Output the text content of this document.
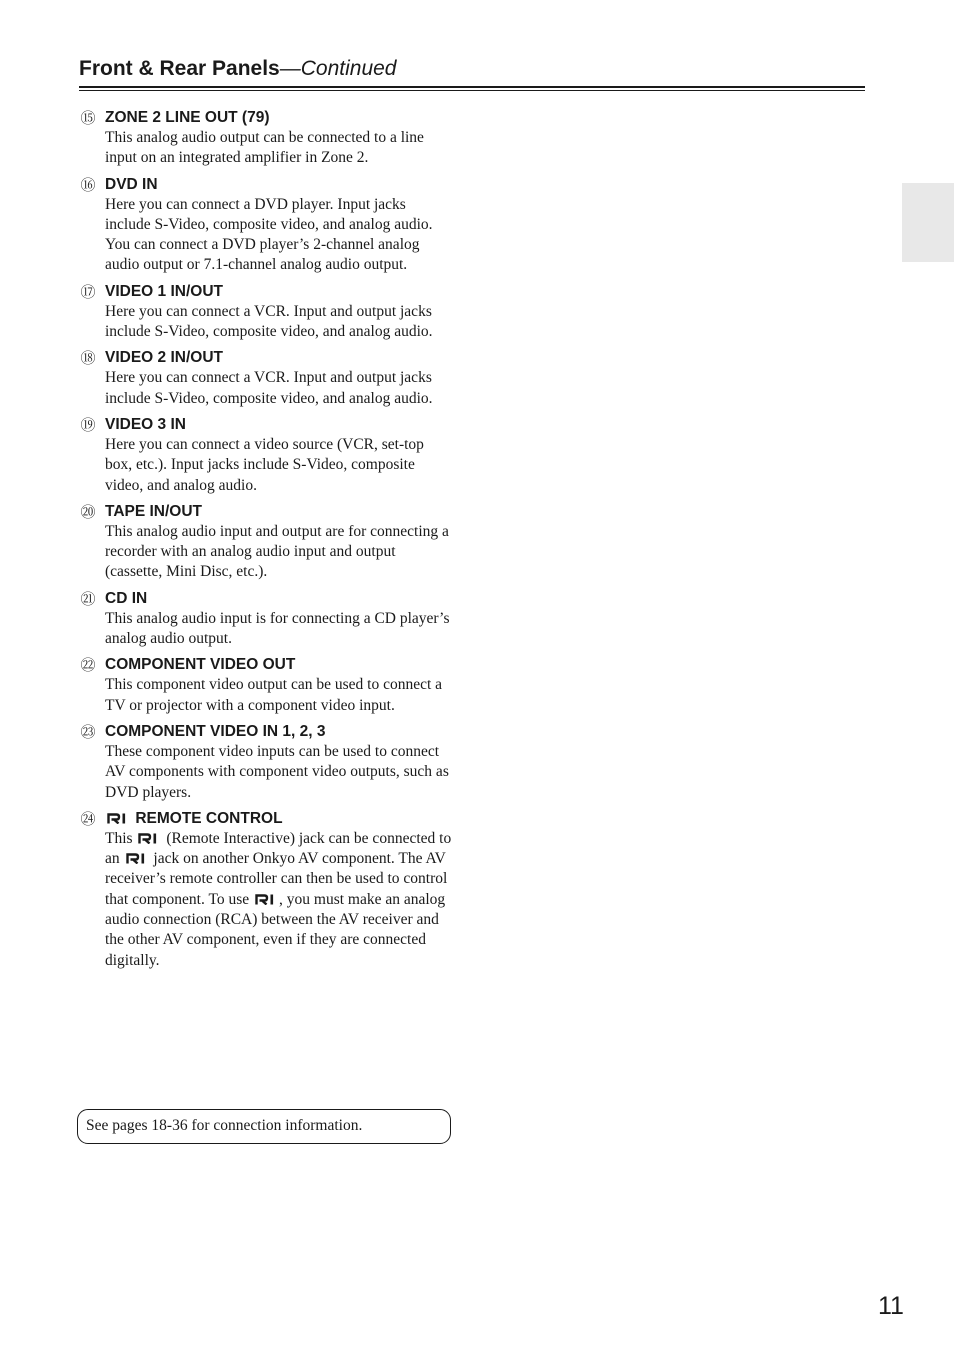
Front & Rear Panels—Continued
⑮ ZONE 2 LINE OUT (79)
This analog audio output can be connected to a line input on an integrated amplifier in Zone 2.
⑯ DVD IN
Here you can connect a DVD player. Input jacks include S-Video, composite video, and analog audio. You can connect a DVD player’s 2-channel analog audio output or 7.1-channel analog audio output.
⑰ VIDEO 1 IN/OUT
Here you can connect a VCR. Input and output jacks include S-Video, composite video, and analog audio.
⑱ VIDEO 2 IN/OUT
Here you can connect a VCR. Input and output jacks include S-Video, composite video, and analog audio.
⑲ VIDEO 3 IN
Here you can connect a video source (VCR, set-top box, etc.). Input jacks include S-Video, composite video, and analog audio.
⑳ TAPE IN/OUT
This analog audio input and output are for connecting a recorder with an analog audio input and output (cassette, Mini Disc, etc.).
㉑ CD IN
This analog audio input is for connecting a CD player’s analog audio output.
㉒ COMPONENT VIDEO OUT
This component video output can be used to connect a TV or projector with a component video input.
㉓ COMPONENT VIDEO IN 1, 2, 3
These component video inputs can be used to connect AV components with component video outputs, such as DVD players.
㉔	REMOTE CONTROL
This (Remote Interactive) jack can be connected to an jack on another Onkyo AV component. The AV receiver’s remote controller can then be used to control that component. To use , you must make an analog audio connection (RCA) between the AV receiver and the other AV component, even if they are connected digitally.
See pages 18-36 for connection information.
11
